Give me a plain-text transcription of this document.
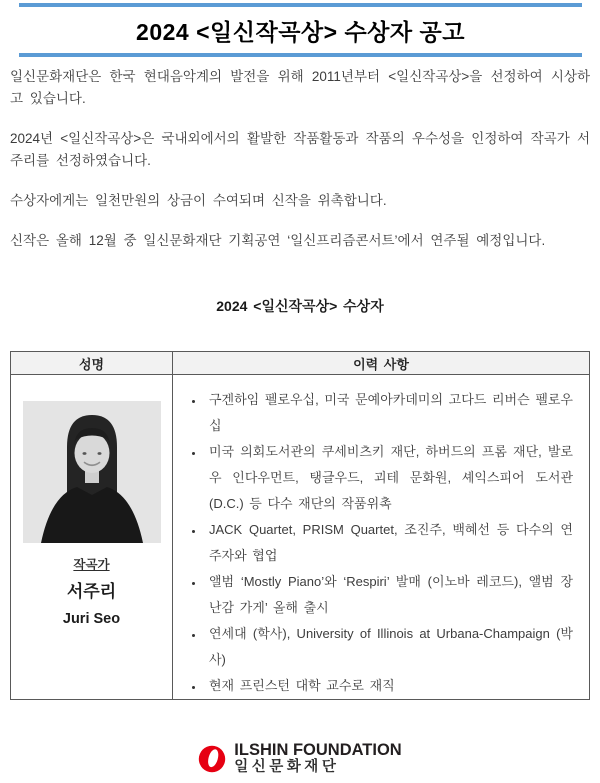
2024 <일신작곡상> 수상자 공고

일신문화재단은 한국 현대음악계의 발전을 위해 2011년부터 <일신작곡상>을 선정하여 시상하고 있습니다.

2024년 <일신작곡상>은 국내외에서의 활발한 작품활동과 작품의 우수성을 인정하여 작곡가 서주리를 선정하였습니다.

수상자에게는 일천만원의 상금이 수여되며 신작을 위촉합니다.

신작은 올해 12월 중 일신문화재단 기획공연 ‘일신프리즘콘서트’에서 연주될 예정입니다.

2024 <일신작곡상> 수상자
성명	이력 사항

작곡가
서주리
Juri Seo

• 구겐하임 펠로우십, 미국 문예아카데미의 고다드 리버슨 펠로우십
• 미국 의회도서관의 쿠세비츠키 재단, 하버드의 프롬 재단, 발로우 인다우먼트, 탱글우드, 괴테 문화원, 셰익스피어 도서관 (D.C.) 등 다수 재단의 작품위촉
• JACK Quartet, PRISM Quartet, 조진주, 백혜선 등 다수의 연주자와 협업
• 앨범 ‘Mostly Piano’와 ‘Respiri’ 발매 (이노바 레코드), 앨범 장난감 가게’ 올해 출시
• 연세대 (학사), University of Illinois at Urbana-Champaign (박사)
• 현재 프린스턴 대학 교수로 재직
ILSHIN FOUNDATION
일신문화재단
